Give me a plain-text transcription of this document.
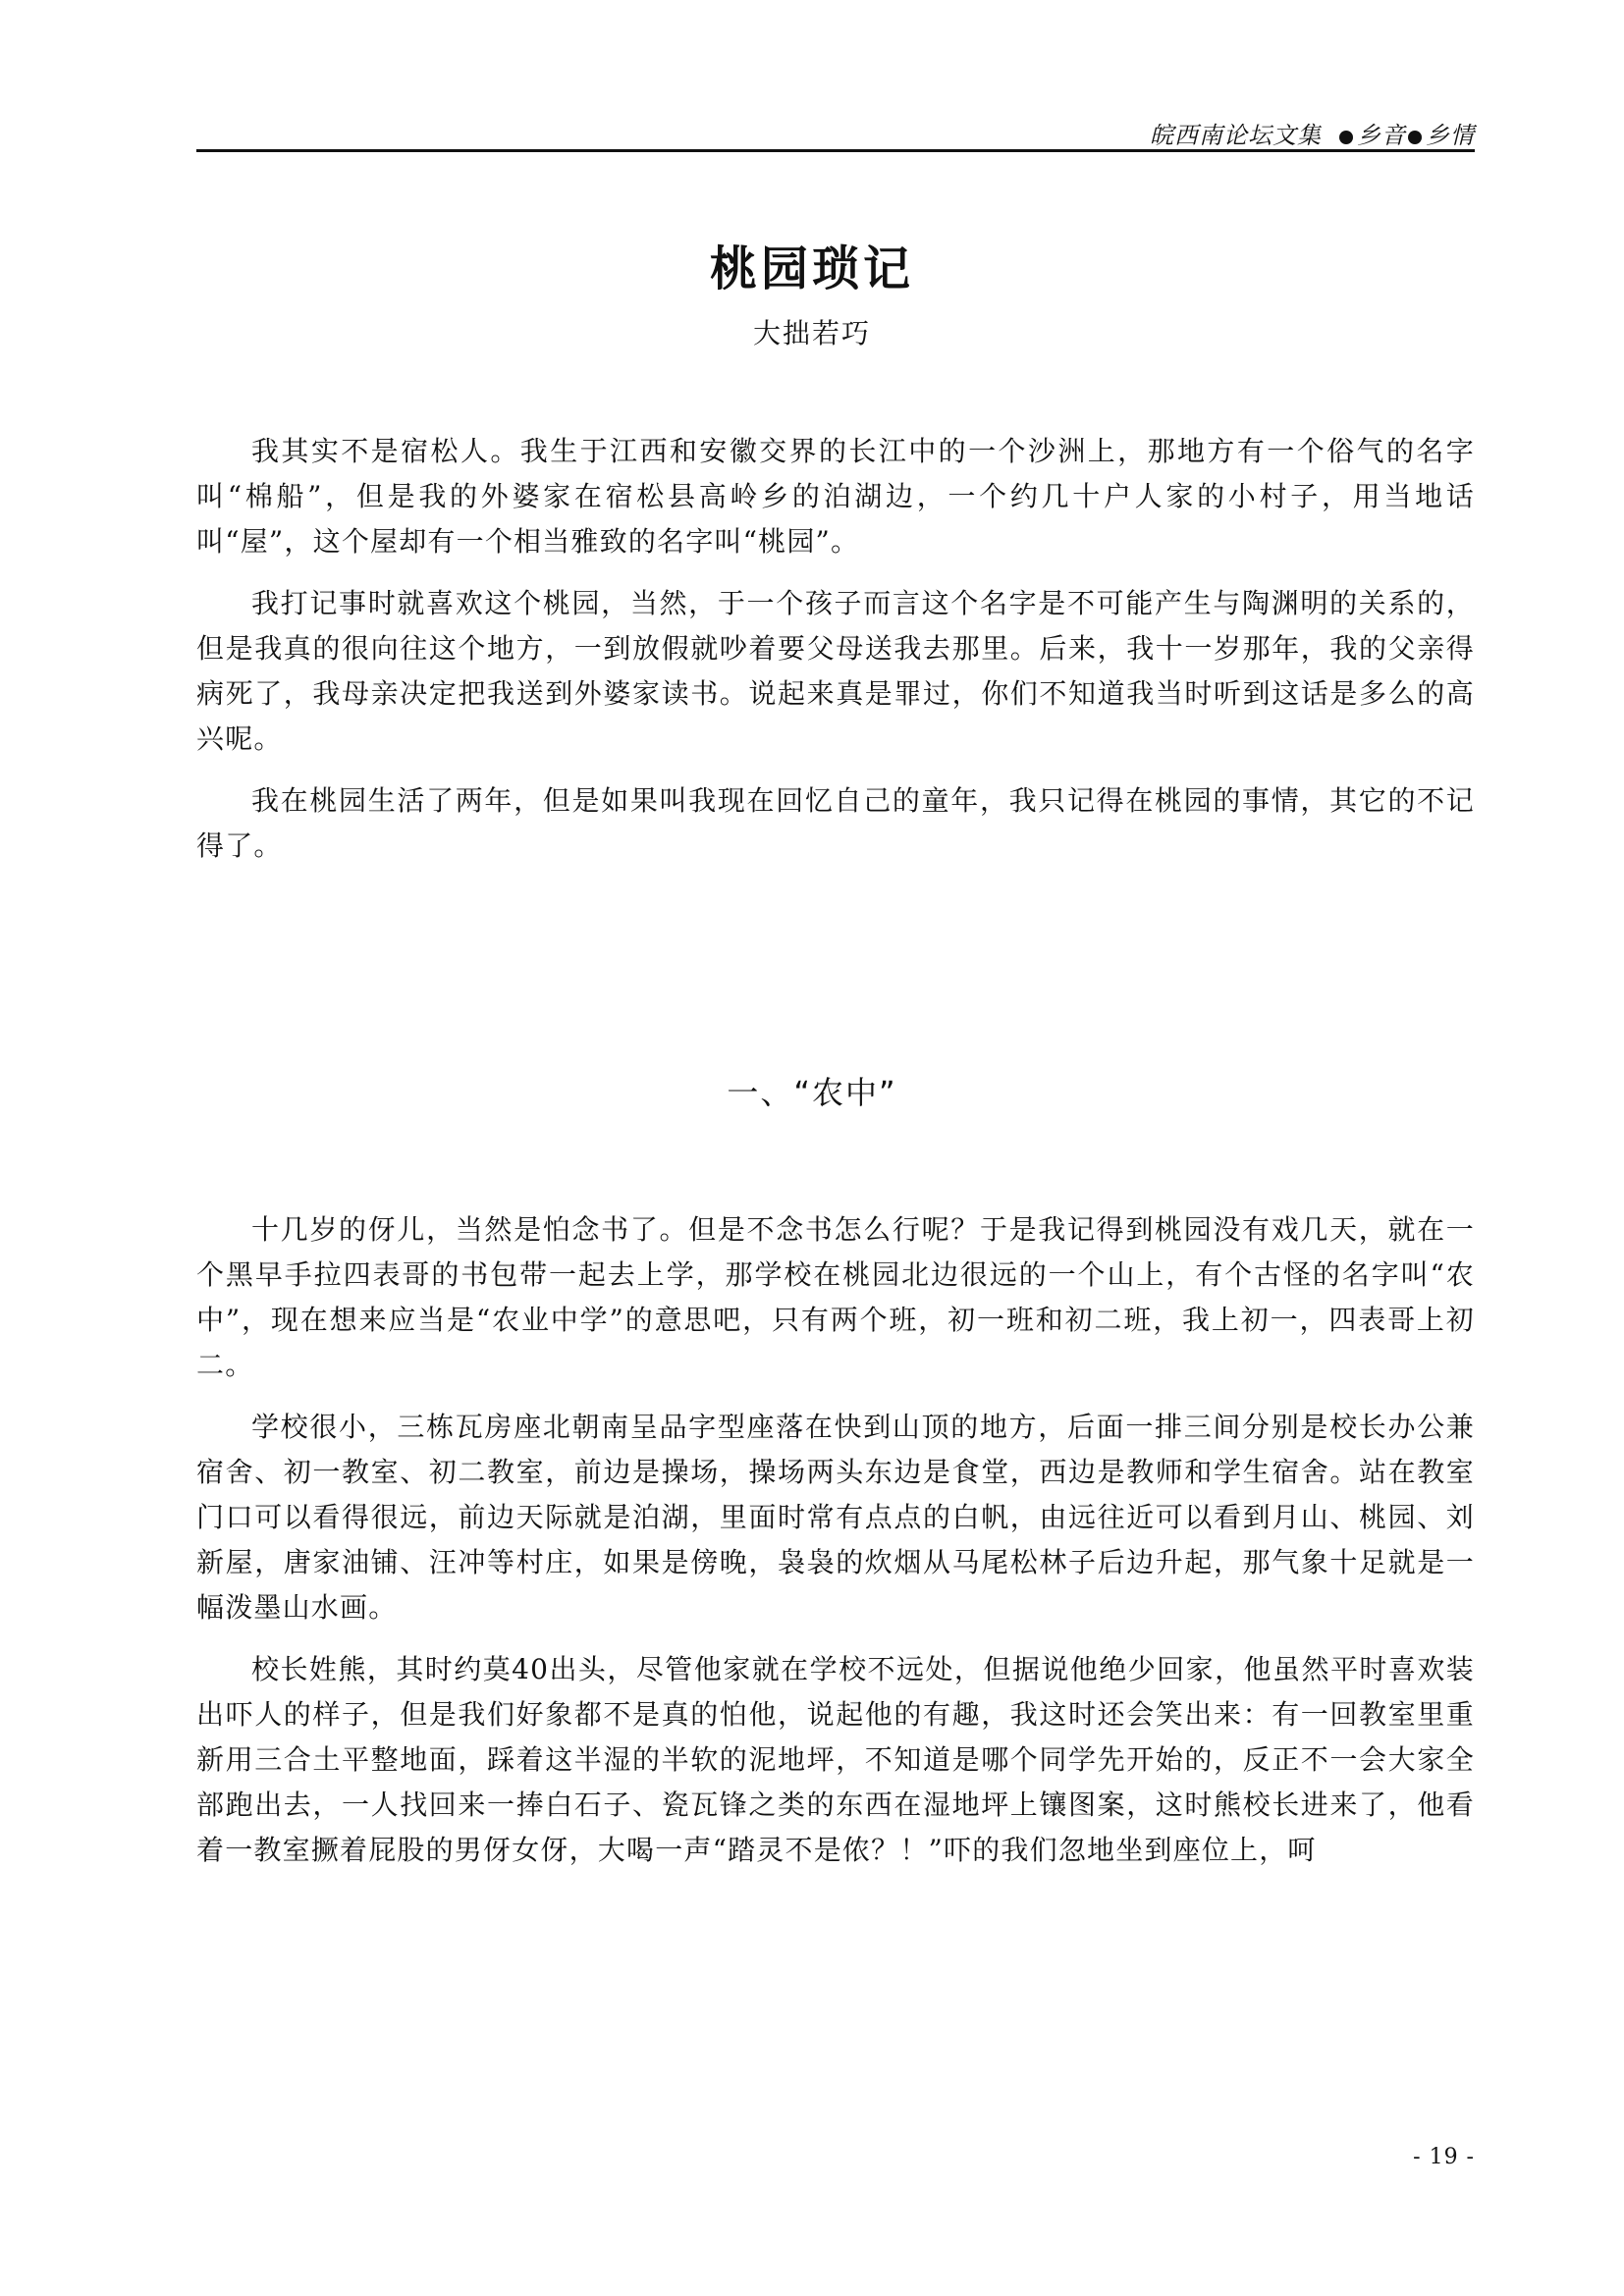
皖西南论坛文集 乡音 乡情
桃园琐记
大拙若巧

我其实不是宿松人。我生于江西和安徽交界的长江中的一个沙洲上，那地方有一个俗气的名字叫“棉船”，但是我的外婆家在宿松县高岭乡的泊湖边，一个约几十户人家的小村子，用当地话叫“屋”，这个屋却有一个相当雅致的名字叫“桃园”。

我打记事时就喜欢这个桃园，当然，于一个孩子而言这个名字是不可能产生与陶渊明的关系的，但是我真的很向往这个地方，一到放假就吵着要父母送我去那里。后来，我十一岁那年，我的父亲得病死了，我母亲决定把我送到外婆家读书。说起来真是罪过，你们不知道我当时听到这话是多么的高兴呢。

我在桃园生活了两年，但是如果叫我现在回忆自己的童年，我只记得在桃园的事情，其它的不记得了。

一、“农中”

十几岁的伢儿，当然是怕念书了。但是不念书怎么行呢？于是我记得到桃园没有戏几天，就在一个黑早手拉四表哥的书包带一起去上学，那学校在桃园北边很远的一个山上，有个古怪的名字叫“农中”，现在想来应当是“农业中学”的意思吧，只有两个班，初一班和初二班，我上初一，四表哥上初二。

学校很小，三栋瓦房座北朝南呈品字型座落在快到山顶的地方，后面一排三间分别是校长办公兼宿舍、初一教室、初二教室，前边是操场，操场两头东边是食堂，西边是教师和学生宿舍。站在教室门口可以看得很远，前边天际就是泊湖，里面时常有点点的白帆，由远往近可以看到月山、桃园、刘新屋，唐家油铺、汪冲等村庄，如果是傍晚，袅袅的炊烟从马尾松林子后边升起，那气象十足就是一幅泼墨山水画。

校长姓熊，其时约莫40出头，尽管他家就在学校不远处，但据说他绝少回家，他虽然平时喜欢装出吓人的样子，但是我们好象都不是真的怕他，说起他的有趣，我这时还会笑出来：有一回教室里重新用三合土平整地面，踩着这半湿的半软的泥地坪，不知道是哪个同学先开始的，反正不一会大家全部跑出去，一人找回来一捧白石子、瓷瓦锋之类的东西在湿地坪上镶图案，这时熊校长进来了，他看着一教室撅着屁股的男伢女伢，大喝一声“踏灵不是侬？！”吓的我们忽地坐到座位上，呵

- 19 -
